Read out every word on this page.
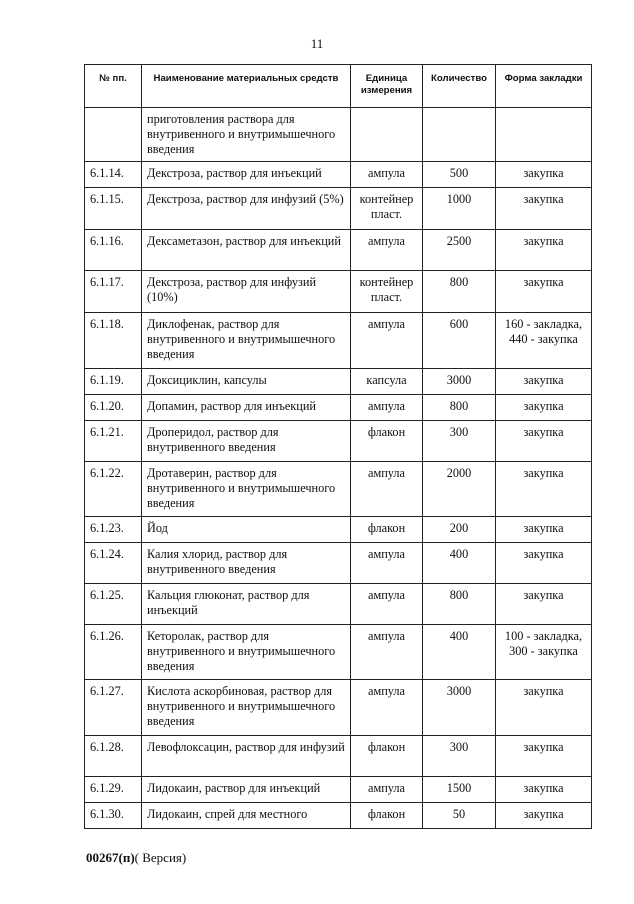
11
№ пп.	Наименование материальных средств	Единица измерения	Количество	Форма закладки
	приготовления раствора для внутривенного и внутримышечного введения			
6.1.14.	Декстроза, раствор для инъекций	ампула	500	закупка
6.1.15.	Декстроза, раствор для инфузий (5%)	контейнер пласт.	1000	закупка
6.1.16.	Дексаметазон, раствор для инъекций	ампула	2500	закупка
6.1.17.	Декстроза, раствор для инфузий (10%)	контейнер пласт.	800	закупка
6.1.18.	Диклофенак, раствор для внутривенного и внутримышечного введения	ампула	600	160 - закладка, 440 - закупка
6.1.19.	Доксициклин, капсулы	капсула	3000	закупка
6.1.20.	Допамин, раствор для инъекций	ампула	800	закупка
6.1.21.	Дроперидол, раствор для внутривенного введения	флакон	300	закупка
6.1.22.	Дротаверин, раствор для внутривенного и внутримышечного введения	ампула	2000	закупка
6.1.23.	Йод	флакон	200	закупка
6.1.24.	Калия хлорид, раствор для внутривенного введения	ампула	400	закупка
6.1.25.	Кальция глюконат, раствор для инъекций	ампула	800	закупка
6.1.26.	Кеторолак, раствор для внутривенного и внутримышечного введения	ампула	400	100 - закладка, 300 - закупка
6.1.27.	Кислота аскорбиновая, раствор для внутривенного и внутримышечного введения	ампула	3000	закупка
6.1.28.	Левофлоксацин, раствор для инфузий	флакон	300	закупка
6.1.29.	Лидокаин, раствор для инъекций	ампула	1500	закупка
6.1.30.	Лидокаин, спрей для местного	флакон	50	закупка
00267(п)( Версия)
